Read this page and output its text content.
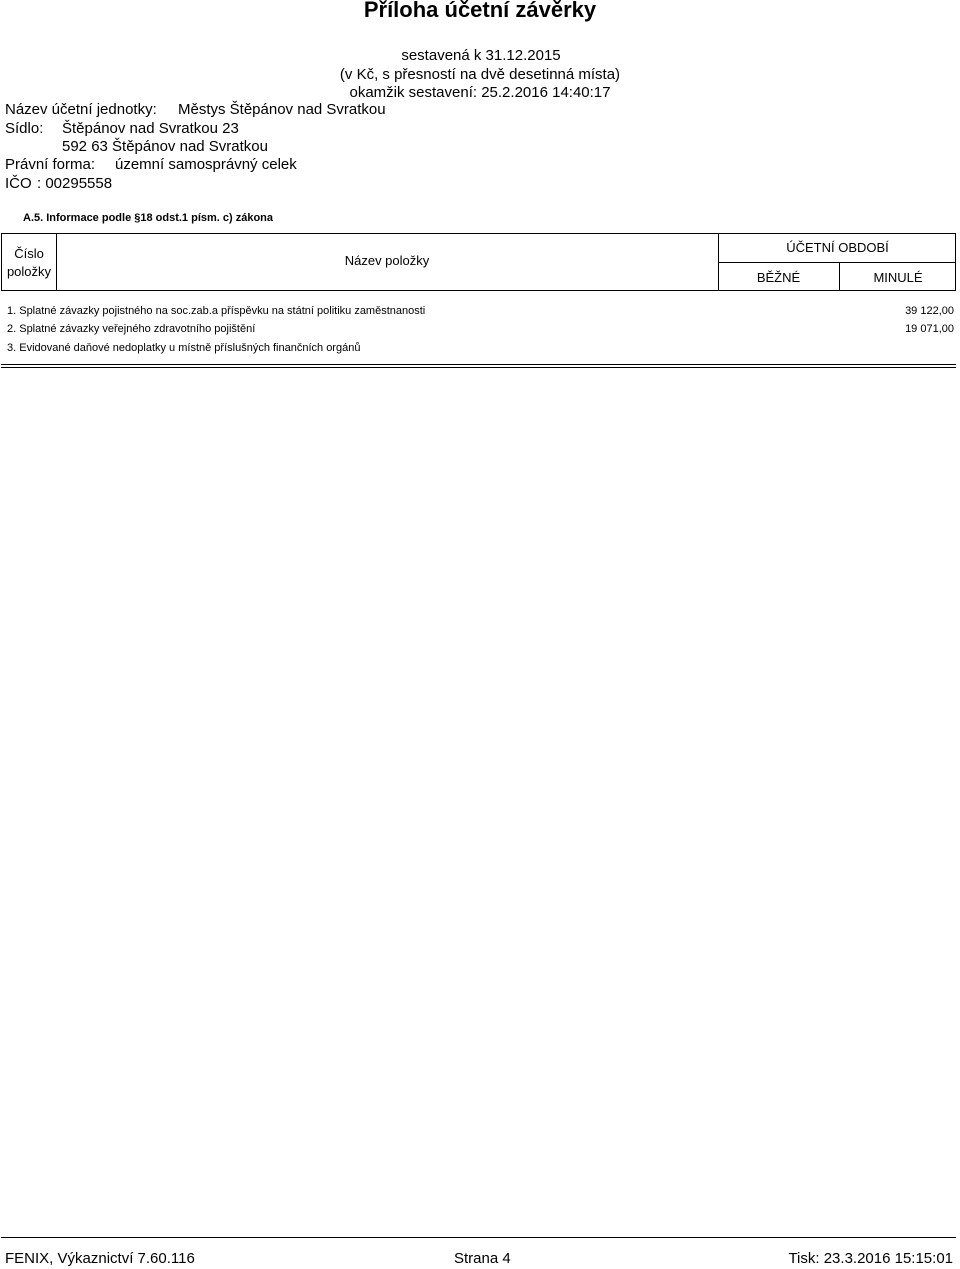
Příloha účetní závěrky
sestavená k 31.12.2015
(v Kč, s přesností na dvě desetinná místa)
okamžik sestavení: 25.2.2016 14:40:17
Název účetní jednotky: Městys Štěpánov nad Svratkou
Sídlo: Štěpánov nad Svratkou 23
592 63 Štěpánov nad Svratkou
Právní forma: územní samosprávný celek
IČO : 00295558
A.5. Informace podle §18 odst.1 písm. c) zákona
Číslo
položky
Název položky
ÚČETNÍ OBDOBÍ
BĚŽNÉ	MINULÉ
1. Splatné závazky pojistného na soc.zab.a příspěvku na státní politiku zaměstnanosti	39 122,00
2. Splatné závazky veřejného zdravotního pojištění	19 071,00
3. Evidované daňové nedoplatky u místně příslušných finančních orgánů
FENIX, Výkaznictví 7.60.116	Strana 4	Tisk: 23.3.2016 15:15:01
